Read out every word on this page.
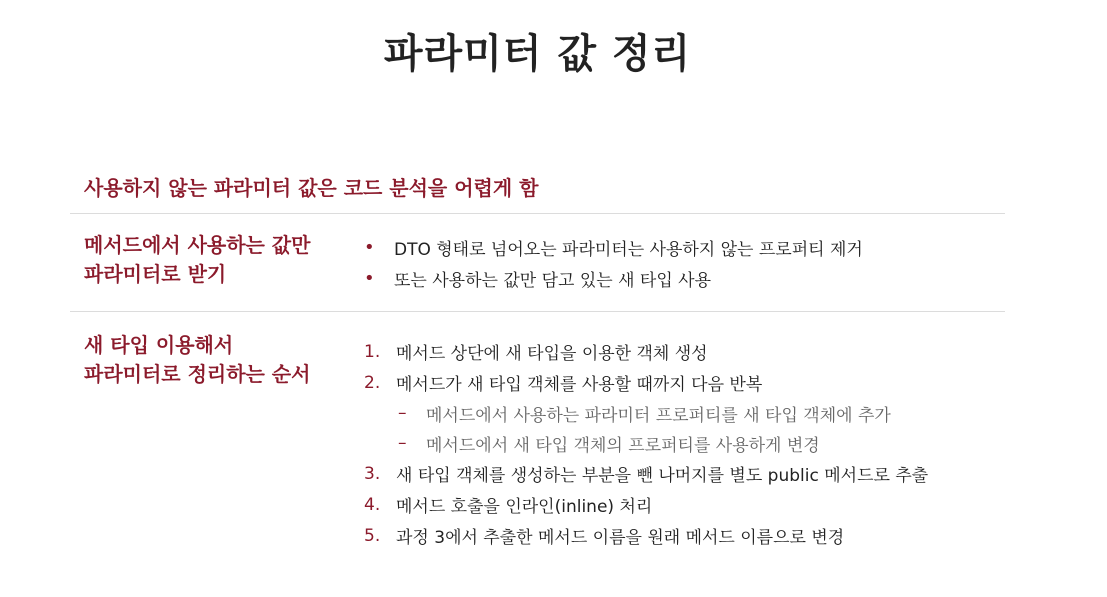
파라미터 값 정리
사용하지 않는 파라미터 값은 코드 분석을 어렵게 함
메서드에서 사용하는 값만
파라미터로 받기
•	DTO 형태로 넘어오는 파라미터는 사용하지 않는 프로퍼티 제거
•	또는 사용하는 값만 담고 있는 새 타입 사용
새 타입 이용해서
파라미터로 정리하는 순서
1. 메서드 상단에 새 타입을 이용한 객체 생성
2. 메서드가 새 타입 객체를 사용할 때까지 다음 반복
–	메서드에서 사용하는 파라미터 프로퍼티를 새 타입 객체에 추가
–	메서드에서 새 타입 객체의 프로퍼티를 사용하게 변경
3. 새 타입 객체를 생성하는 부분을 뺀 나머지를 별도 public 메서드로 추출
4. 메서드 호출을 인라인(inline) 처리
5. 과정 3에서 추출한 메서드 이름을 원래 메서드 이름으로 변경
